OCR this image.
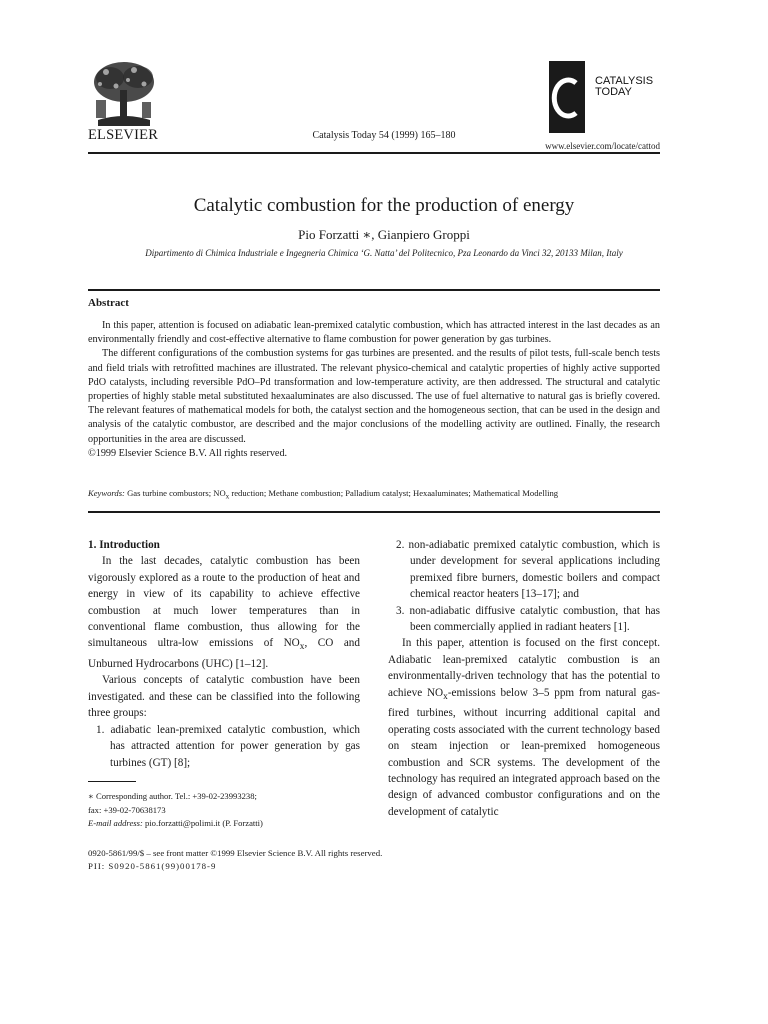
ELSEVIER	Catalysis Today 54 (1999) 165–180
CATALYSIS
TODAY
www.elsevier.com/locate/cattod
Catalytic combustion for the production of energy
Pio Forzatti ∗, Gianpiero Groppi
Dipartimento di Chimica Industriale e Ingegneria Chimica ‘G. Natta’ del Politecnico, Pza Leonardo da Vinci 32, 20133 Milan, Italy
Abstract

In this paper, attention is focused on adiabatic lean-premixed catalytic combustion, which has attracted interest in the last decades as an environmentally friendly and cost-effective alternative to flame combustion for power generation by gas turbines.

The different configurations of the combustion systems for gas turbines are presented. and the results of pilot tests, full-scale bench tests and field trials with retrofitted machines are illustrated. The relevant physico-chemical and catalytic properties of highly active supported PdO catalysts, including reversible PdO–Pd transformation and low-temperature activity, are then addressed. The structural and catalytic properties of highly stable metal substituted hexaaluminates are also discussed. The use of fuel alternative to natural gas is briefly covered. The relevant features of mathematical models for both, the catalyst section and the homogeneous section, that can be used in the design and analysis of the catalytic combustor, are described and the major conclusions of the modelling activity are outlined. Finally, the research opportunities in the area are discussed.

©1999 Elsevier Science B.V. All rights reserved.

Keywords: Gas turbine combustors; $NO_x$ reduction; Methane combustion; Palladium catalyst; Hexaaluminates; Mathematical Modelling

1. Introduction

In the last decades, catalytic combustion has been vigorously explored as a route to the production of heat and energy in view of its capability to achieve effective combustion at much lower temperatures than in conventional flame combustion, thus allowing for the simultaneous ultra-low emissions of $NO_x$, CO and Unburned Hydrocarbons (UHC) [1–12].

Various concepts of catalytic combustion have been investigated. and these can be classified into the following three groups:

1. adiabatic lean-premixed catalytic combustion, which has attracted attention for power generation by gas turbines (GT) [8];

∗ Corresponding author. Tel.: +39-02-23993238;

fax: +39-02-70638173

E-mail address: pio.forzatti@polimi.it (P. Forzatti)

2. non-adiabatic premixed catalytic combustion, which is under development for several applications including premixed fibre burners, domestic boilers and compact chemical reactor heaters [13–17]; and

3. non-adiabatic diffusive catalytic combustion, that has been commercially applied in radiant heaters [1].

In this paper, attention is focused on the first concept. Adiabatic lean-premixed catalytic combustion is an environmentally-driven technology that has the potential to achieve $NO_x$-emissions below 3–5 ppm from natural gas-fired turbines, without incurring additional capital and operating costs associated with the current technology based on steam injection or lean-premixed homogeneous combustion and SCR systems. The development of the technology has required an integrated approach based on the design of advanced combustor configurations and on the development of catalytic

0920-5861/99/$ – see front matter ©1999 Elsevier Science B.V. All rights reserved.

PII: S0920-5861(99)00178-9
